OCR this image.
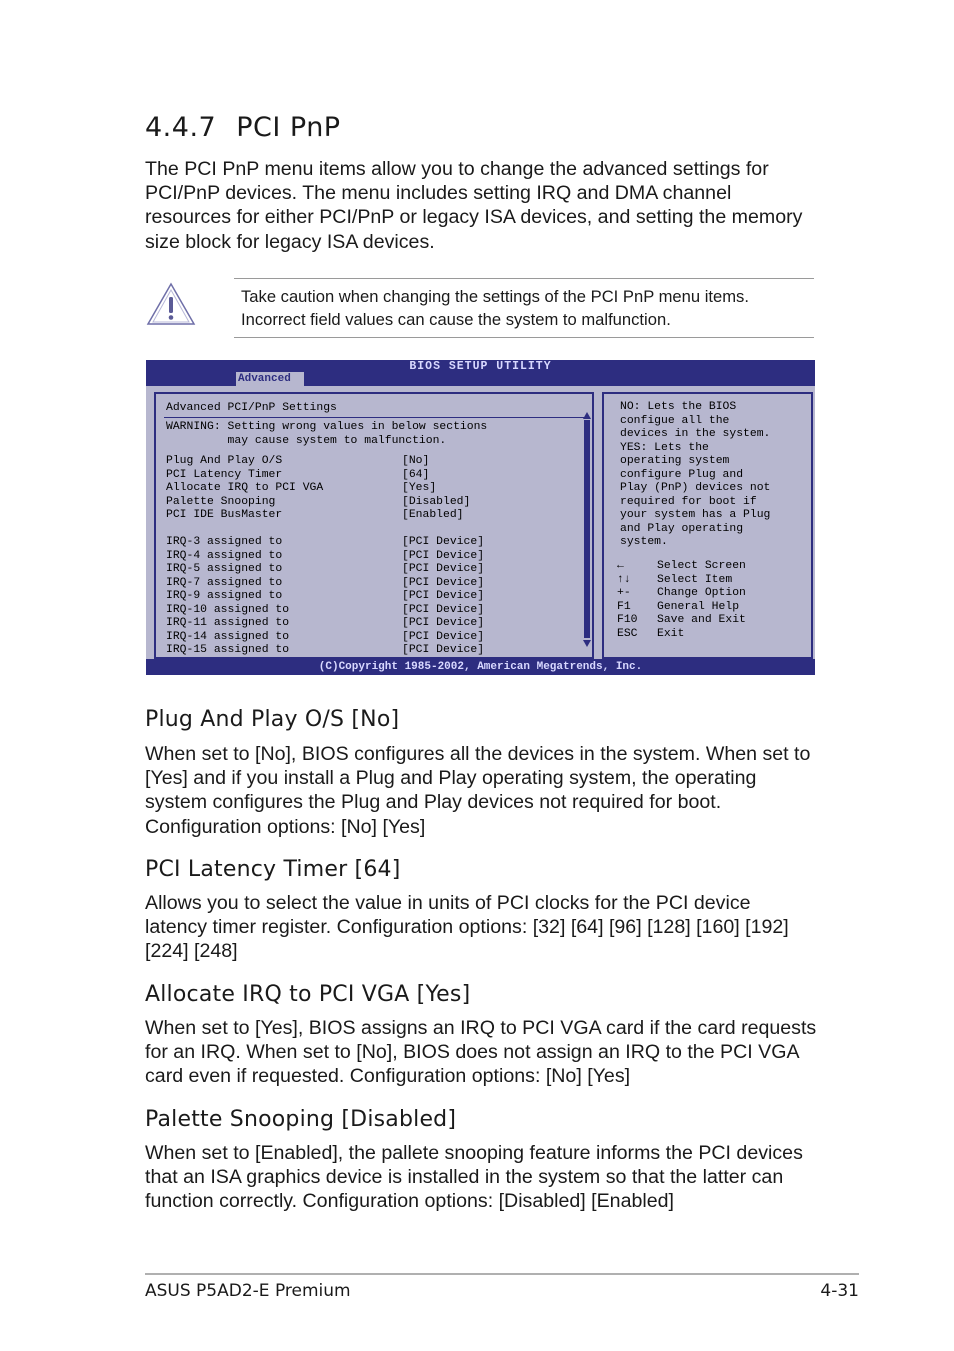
4.4.7 PCI PnP
The PCI PnP menu items allow you to change the advanced settings for PCI/PnP devices. The menu includes setting IRQ and DMA channel resources for either PCI/PnP or legacy ISA devices, and setting the memory size block for legacy ISA devices.
Take caution when changing the settings of the PCI PnP menu items. Incorrect field values can cause the system to malfunction.
BIOS SETUP UTILITY
Advanced
Advanced PCI/PnP Settings
WARNING: Setting wrong values in below sections
may cause system to malfunction.
Plug And Play O/S	[No]
PCI Latency Timer	[64]
Allocate IRQ to PCI VGA	[Yes]
Palette Snooping	[Disabled]
PCI IDE BusMaster	[Enabled]
IRQ-3 assigned to	[PCI Device]
IRQ-4 assigned to	[PCI Device]
IRQ-5 assigned to	[PCI Device]
IRQ-7 assigned to	[PCI Device]
IRQ-9 assigned to	[PCI Device]
IRQ-10 assigned to	[PCI Device]
IRQ-11 assigned to	[PCI Device]
IRQ-14 assigned to	[PCI Device]
IRQ-15 assigned to	[PCI Device]
NO: Lets the BIOS
configue all the
devices in the system.
YES: Lets the
operating system
configure Plug and
Play (PnP) devices not
required for boot if
your system has a Plug
and Play operating
system.
←	Select Screen
↑↓ Select Item
+- Change Option
F1 General Help
F10 Save and Exit
ESC Exit
(C)Copyright 1985-2002, American Megatrends, Inc.
Plug And Play O/S [No]
When set to [No], BIOS configures all the devices in the system. When set to [Yes] and if you install a Plug and Play operating system, the operating system configures the Plug and Play devices not required for boot. Configuration options: [No] [Yes]
PCI Latency Timer [64]
Allows you to select the value in units of PCI clocks for the PCI device latency timer register. Configuration options: [32] [64] [96] [128] [160] [192] [224] [248]
Allocate IRQ to PCI VGA [Yes]
When set to [Yes], BIOS assigns an IRQ to PCI VGA card if the card requests for an IRQ. When set to [No], BIOS does not assign an IRQ to the PCI VGA card even if requested. Configuration options: [No] [Yes]
Palette Snooping [Disabled]
When set to [Enabled], the pallete snooping feature informs the PCI devices that an ISA graphics device is installed in the system so that the latter can function correctly. Configuration options: [Disabled] [Enabled]
ASUS P5AD2-E Premium	4-31
